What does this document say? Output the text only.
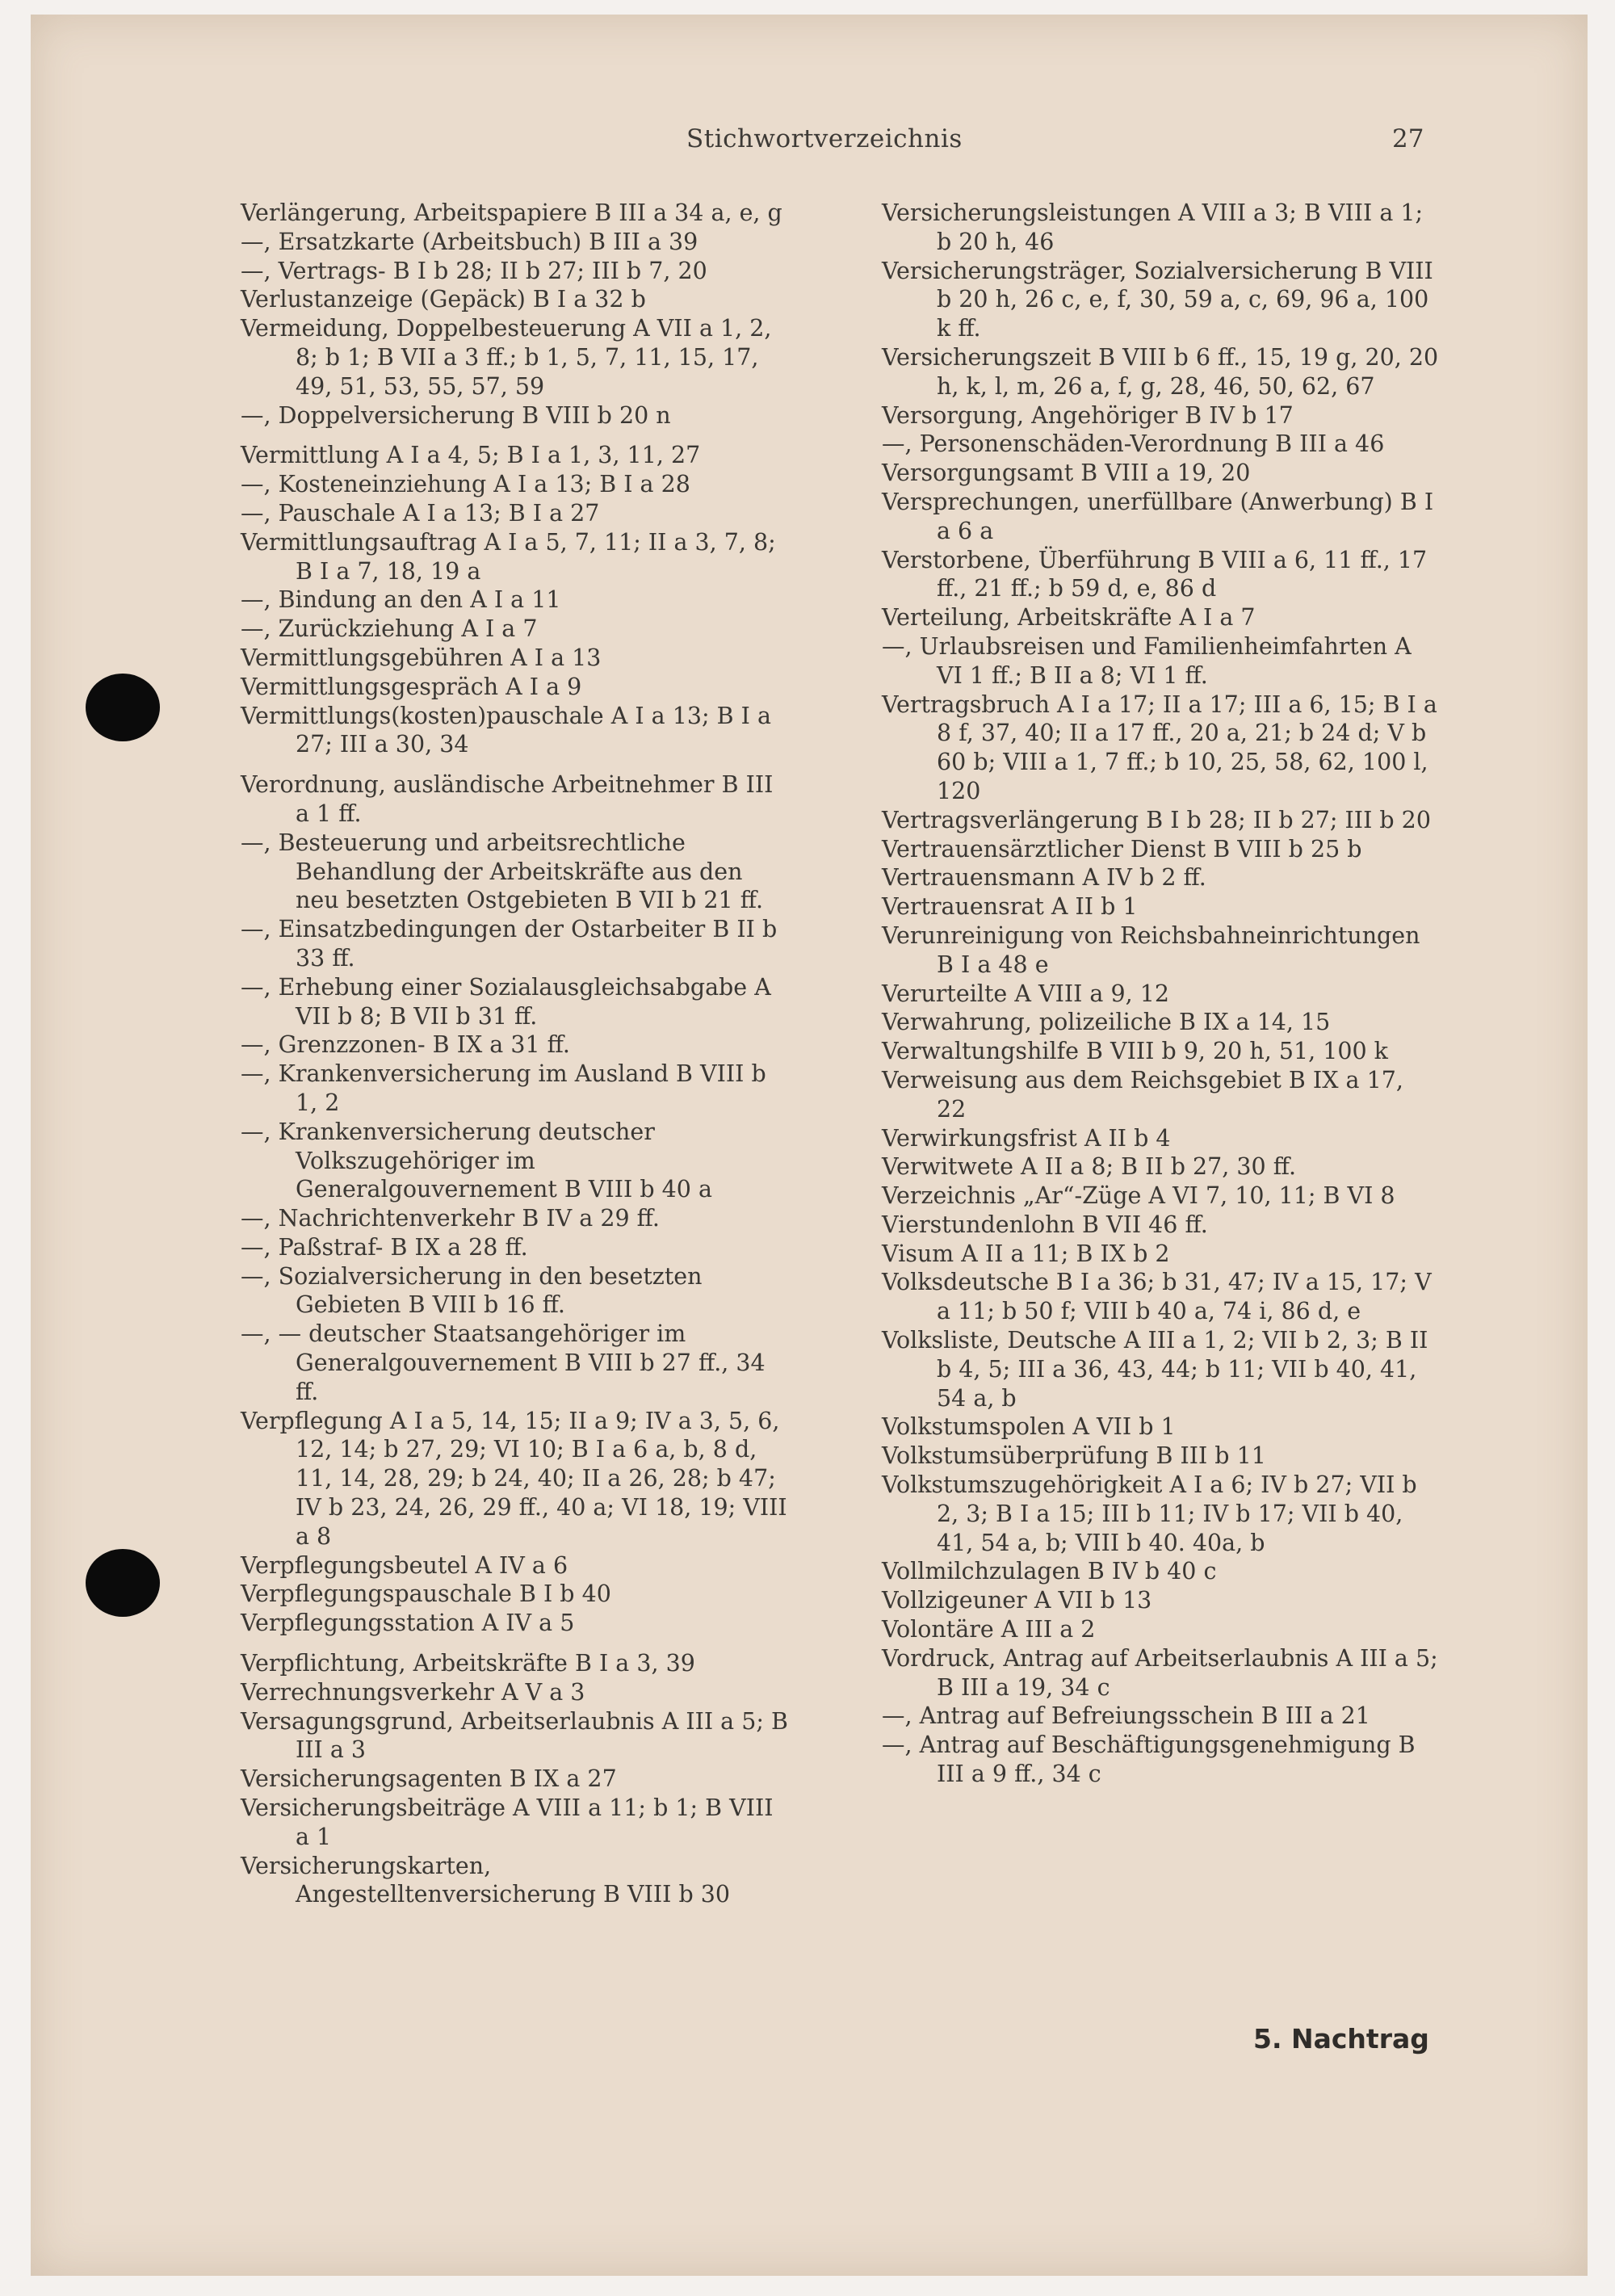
Stichwortverzeichnis	27

Verlängerung, Arbeitspapiere B III a 34 a, e, g

—, Ersatzkarte (Arbeitsbuch) B III a 39

—, Vertrags- B I b 28; II b 27; III b 7, 20

Verlustanzeige (Gepäck) B I a 32 b

Vermeidung, Doppelbesteuerung A VII a 1, 2, 8; b 1; B VII a 3 ff.; b 1, 5, 7, 11, 15, 17, 49, 51, 53, 55, 57, 59

—, Doppelversicherung B VIII b 20 n

Vermittlung A I a 4, 5; B I a 1, 3, 11, 27

—, Kosteneinziehung A I a 13; B I a 28

—, Pauschale A I a 13; B I a 27

Vermittlungsauftrag A I a 5, 7, 11; II a 3, 7, 8; B I a 7, 18, 19 a

—, Bindung an den A I a 11

—, Zurückziehung A I a 7

Vermittlungsgebühren A I a 13

Vermittlungsgespräch A I a 9

Vermittlungs(kosten)pauschale A I a 13; B I a 27; III a 30, 34

Verordnung, ausländische Arbeitnehmer B III a 1 ff.

—, Besteuerung und arbeitsrechtliche Behandlung der Arbeitskräfte aus den neu besetzten Ostgebieten B VII b 21 ff.

—, Einsatzbedingungen der Ostarbeiter B II b 33 ff.

—, Erhebung einer Sozialausgleichsabgabe A VII b 8; B VII b 31 ff.

—, Grenzzonen- B IX a 31 ff.

—, Krankenversicherung im Ausland B VIII b 1, 2

—, Krankenversicherung deutscher Volkszugehöriger im Generalgouvernement B VIII b 40 a

—, Nachrichtenverkehr B IV a 29 ff.

—, Paßstraf- B IX a 28 ff.

—, Sozialversicherung in den besetzten Gebieten B VIII b 16 ff.

—, — deutscher Staatsangehöriger im Generalgouvernement B VIII b 27 ff., 34 ff.

Verpflegung A I a 5, 14, 15; II a 9; IV a 3, 5, 6, 12, 14; b 27, 29; VI 10; B I a 6 a, b, 8 d, 11, 14, 28, 29; b 24, 40; II a 26, 28; b 47; IV b 23, 24, 26, 29 ff., 40 a; VI 18, 19; VIII a 8

Verpflegungsbeutel A IV a 6

Verpflegungspauschale B I b 40

Verpflegungsstation A IV a 5

Verpflichtung, Arbeitskräfte B I a 3, 39

Verrechnungsverkehr A V a 3

Versagungsgrund, Arbeitserlaubnis A III a 5; B III a 3

Versicherungsagenten B IX a 27

Versicherungsbeiträge A VIII a 11; b 1; B VIII a 1

Versicherungskarten, Angestelltenversicherung B VIII b 30

Versicherungsleistungen A VIII a 3; B VIII a 1; b 20 h, 46

Versicherungsträger, Sozialversicherung B VIII b 20 h, 26 c, e, f, 30, 59 a, c, 69, 96 a, 100 k ff.

Versicherungszeit B VIII b 6 ff., 15, 19 g, 20, 20 h, k, l, m, 26 a, f, g, 28, 46, 50, 62, 67

Versorgung, Angehöriger B IV b 17

—, Personenschäden-Verordnung B III a 46

Versorgungsamt B VIII a 19, 20

Versprechungen, unerfüllbare (Anwerbung) B I a 6 a

Verstorbene, Überführung B VIII a 6, 11 ff., 17 ff., 21 ff.; b 59 d, e, 86 d

Verteilung, Arbeitskräfte A I a 7

—, Urlaubsreisen und Familienheimfahrten A VI 1 ff.; B II a 8; VI 1 ff.

Vertragsbruch A I a 17; II a 17; III a 6, 15; B I a 8 f, 37, 40; II a 17 ff., 20 a, 21; b 24 d; V b 60 b; VIII a 1, 7 ff.; b 10, 25, 58, 62, 100 l, 120

Vertragsverlängerung B I b 28; II b 27; III b 20

Vertrauensärztlicher Dienst B VIII b 25 b

Vertrauensmann A IV b 2 ff.

Vertrauensrat A II b 1

Verunreinigung von Reichsbahneinrichtungen B I a 48 e

Verurteilte A VIII a 9, 12

Verwahrung, polizeiliche B IX a 14, 15

Verwaltungshilfe B VIII b 9, 20 h, 51, 100 k

Verweisung aus dem Reichsgebiet B IX a 17, 22

Verwirkungsfrist A II b 4

Verwitwete A II a 8; B II b 27, 30 ff.

Verzeichnis „Ar“-Züge A VI 7, 10, 11; B VI 8

Vierstundenlohn B VII 46 ff.

Visum A II a 11; B IX b 2

Volksdeutsche B I a 36; b 31, 47; IV a 15, 17; V a 11; b 50 f; VIII b 40 a, 74 i, 86 d, e

Volksliste, Deutsche A III a 1, 2; VII b 2, 3; B II b 4, 5; III a 36, 43, 44; b 11; VII b 40, 41, 54 a, b

Volkstumspolen A VII b 1

Volkstumsüberprüfung B III b 11

Volkstumszugehörigkeit A I a 6; IV b 27; VII b 2, 3; B I a 15; III b 11; IV b 17; VII b 40, 41, 54 a, b; VIII b 40. 40a, b

Vollmilchzulagen B IV b 40 c

Vollzigeuner A VII b 13

Volontäre A III a 2

Vordruck, Antrag auf Arbeitserlaubnis A III a 5; B III a 19, 34 c

—, Antrag auf Befreiungsschein B III a 21

—, Antrag auf Beschäftigungsgenehmigung B III a 9 ff., 34 c

5. Nachtrag
